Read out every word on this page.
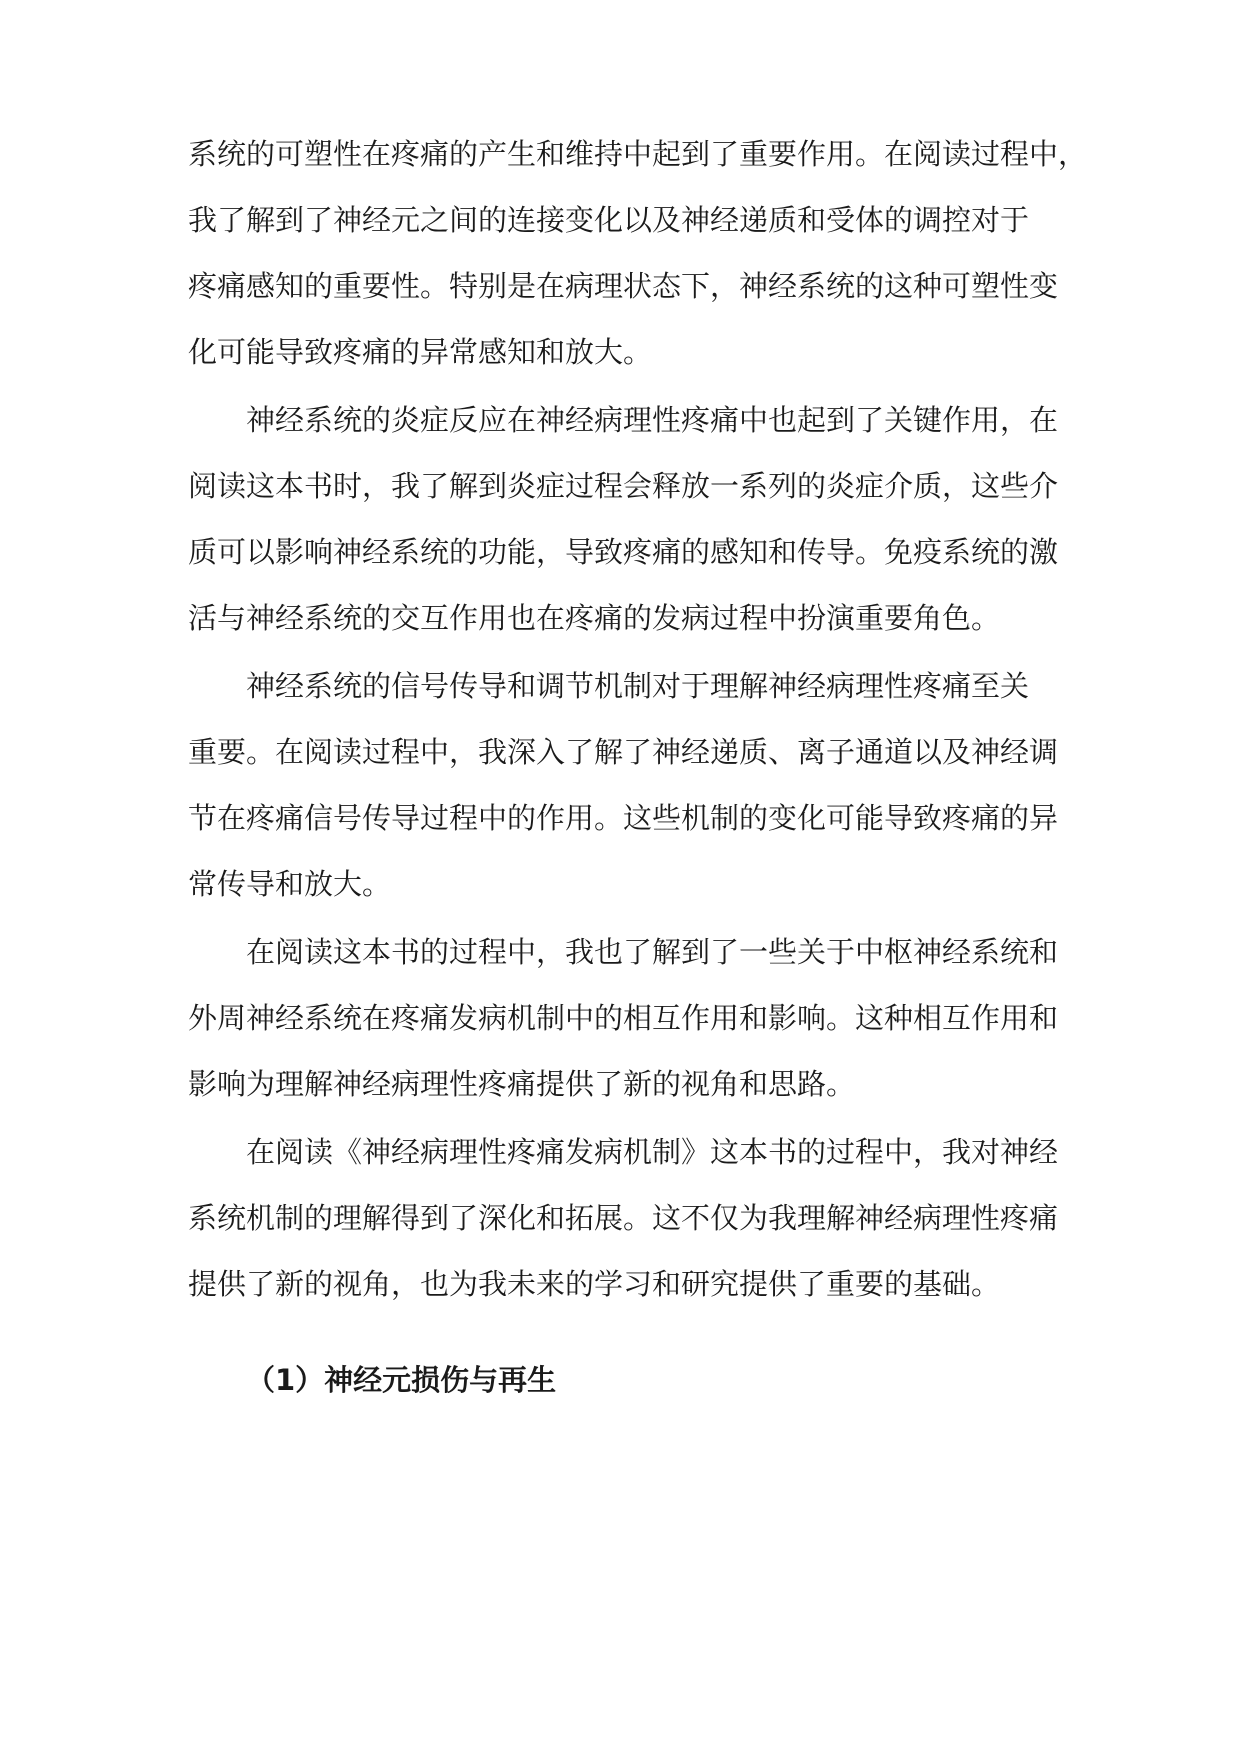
系统的可塑性在疼痛的产生和维持中起到了重要作用。在阅读过程中，
我了解到了神经元之间的连接变化以及神经递质和受体的调控对于
疼痛感知的重要性。特别是在病理状态下，神经系统的这种可塑性变
化可能导致疼痛的异常感知和放大。
神经系统的炎症反应在神经病理性疼痛中也起到了关键作用，在
阅读这本书时，我了解到炎症过程会释放一系列的炎症介质，这些介
质可以影响神经系统的功能，导致疼痛的感知和传导。免疫系统的激
活与神经系统的交互作用也在疼痛的发病过程中扮演重要角色。
神经系统的信号传导和调节机制对于理解神经病理性疼痛至关
重要。在阅读过程中，我深入了解了神经递质、离子通道以及神经调
节在疼痛信号传导过程中的作用。这些机制的变化可能导致疼痛的异
常传导和放大。
在阅读这本书的过程中，我也了解到了一些关于中枢神经系统和
外周神经系统在疼痛发病机制中的相互作用和影响。这种相互作用和
影响为理解神经病理性疼痛提供了新的视角和思路。
在阅读《神经病理性疼痛发病机制》这本书的过程中，我对神经
系统机制的理解得到了深化和拓展。这不仅为我理解神经病理性疼痛
提供了新的视角，也为我未来的学习和研究提供了重要的基础。
（1）神经元损伤与再生
